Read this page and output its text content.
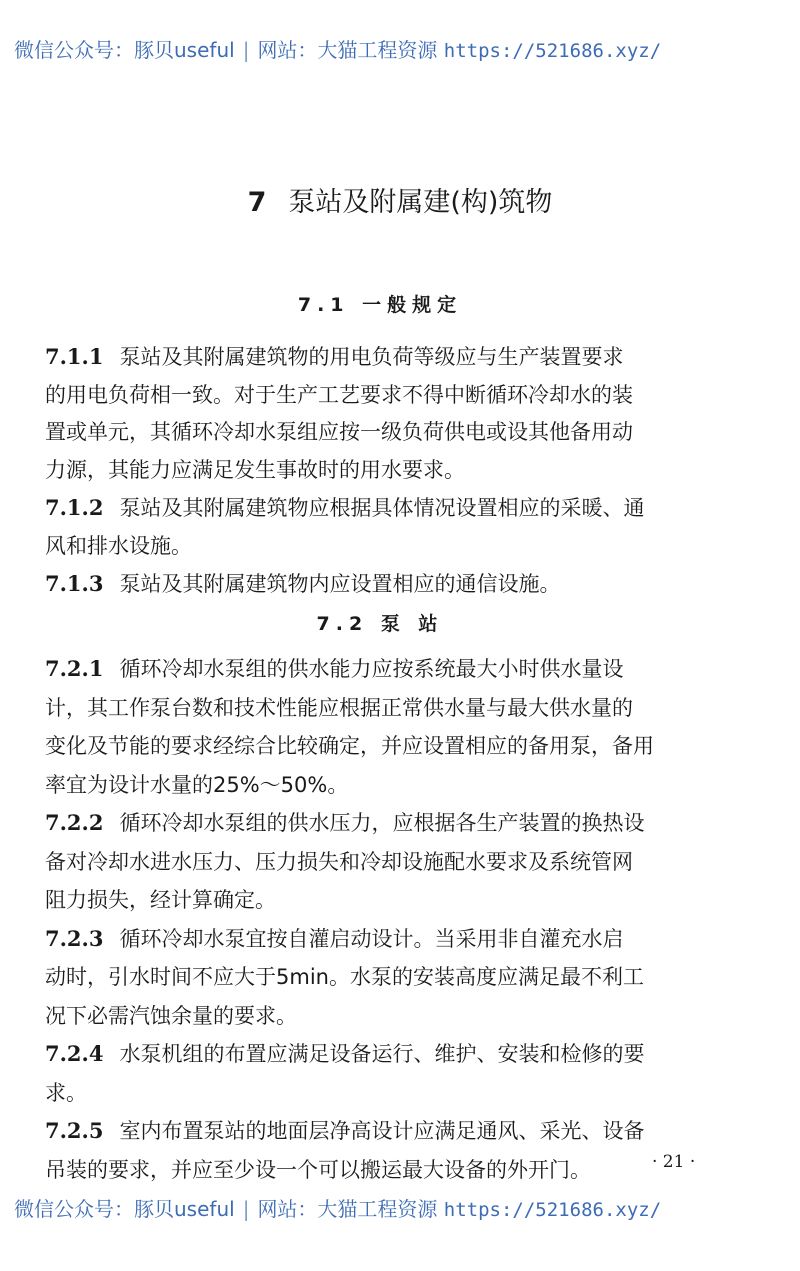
微信公众号：豚贝useful | 网站：大猫工程资源 https://521686.xyz/
7 泵站及附属建(构)筑物
7.1 一般规定
7.1.1 泵站及其附属建筑物的用电负荷等级应与生产装置要求
的用电负荷相一致。对于生产工艺要求不得中断循环冷却水的装
置或单元，其循环冷却水泵组应按一级负荷供电或设其他备用动
力源，其能力应满足发生事故时的用水要求。
7.1.2 泵站及其附属建筑物应根据具体情况设置相应的采暖、通
风和排水设施。
7.1.3 泵站及其附属建筑物内应设置相应的通信设施。
7.2 泵 站
7.2.1 循环冷却水泵组的供水能力应按系统最大小时供水量设
计，其工作泵台数和技术性能应根据正常供水量与最大供水量的
变化及节能的要求经综合比较确定，并应设置相应的备用泵，备用
率宜为设计水量的25%～50%。
7.2.2 循环冷却水泵组的供水压力，应根据各生产装置的换热设
备对冷却水进水压力、压力损失和冷却设施配水要求及系统管网
阻力损失，经计算确定。
7.2.3 循环冷却水泵宜按自灌启动设计。当采用非自灌充水启
动时，引水时间不应大于5min。水泵的安装高度应满足最不利工
况下必需汽蚀余量的要求。
7.2.4 水泵机组的布置应满足设备运行、维护、安装和检修的要
求。
7.2.5 室内布置泵站的地面层净高设计应满足通风、采光、设备
吊装的要求，并应至少设一个可以搬运最大设备的外开门。	· 21 ·
微信公众号：豚贝useful | 网站：大猫工程资源 https://521686.xyz/
